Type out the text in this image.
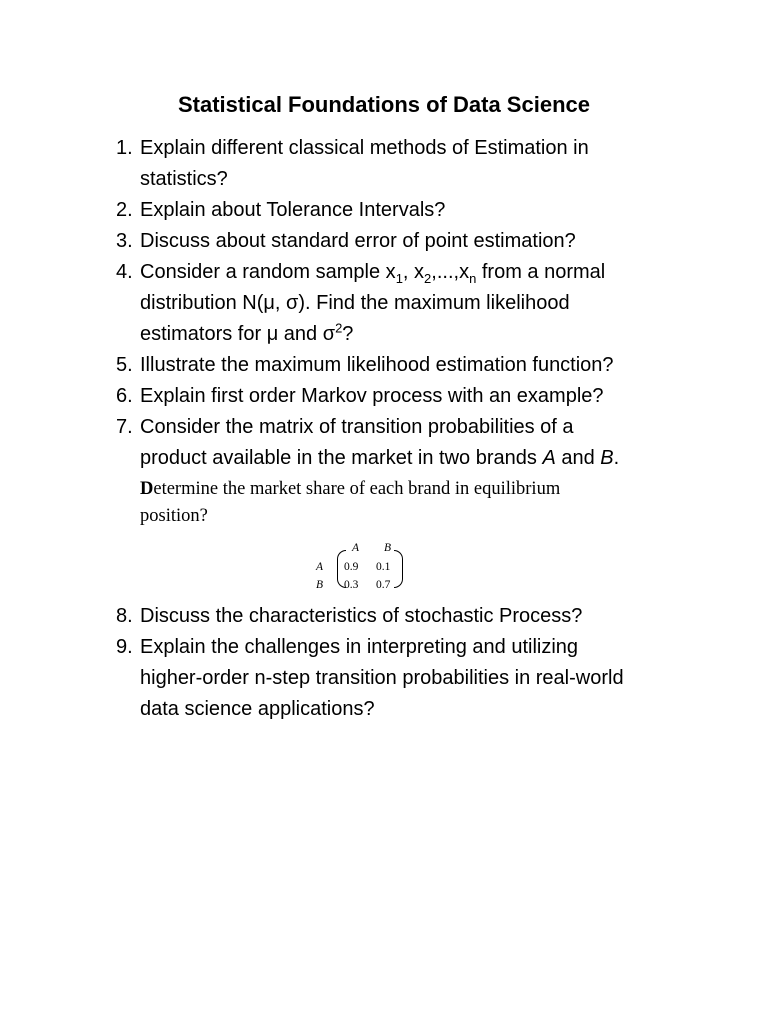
Statistical Foundations of Data Science
1. Explain different classical methods of Estimation in
statistics?
2. Explain about Tolerance Intervals?
3. Discuss about standard error of point estimation?
4. Consider a random sample $x_1$, $x_2,...,x_n$ from a normal
distribution N(μ, σ). Find the maximum likelihood
estimators for μ and $\sigma^2$?
5. Illustrate the maximum likelihood estimation function?
6. Explain first order Markov process with an example?
7. Consider the matrix of transition probabilities of a
product available in the market in two brands A and B.
Determine the market share of each brand in equilibrium
position?
A B
A
B
0.9 0.1
0.3 0.7
8. Discuss the characteristics of stochastic Process?
9. Explain the challenges in interpreting and utilizing
higher-order n-step transition probabilities in real-world
data science applications?
